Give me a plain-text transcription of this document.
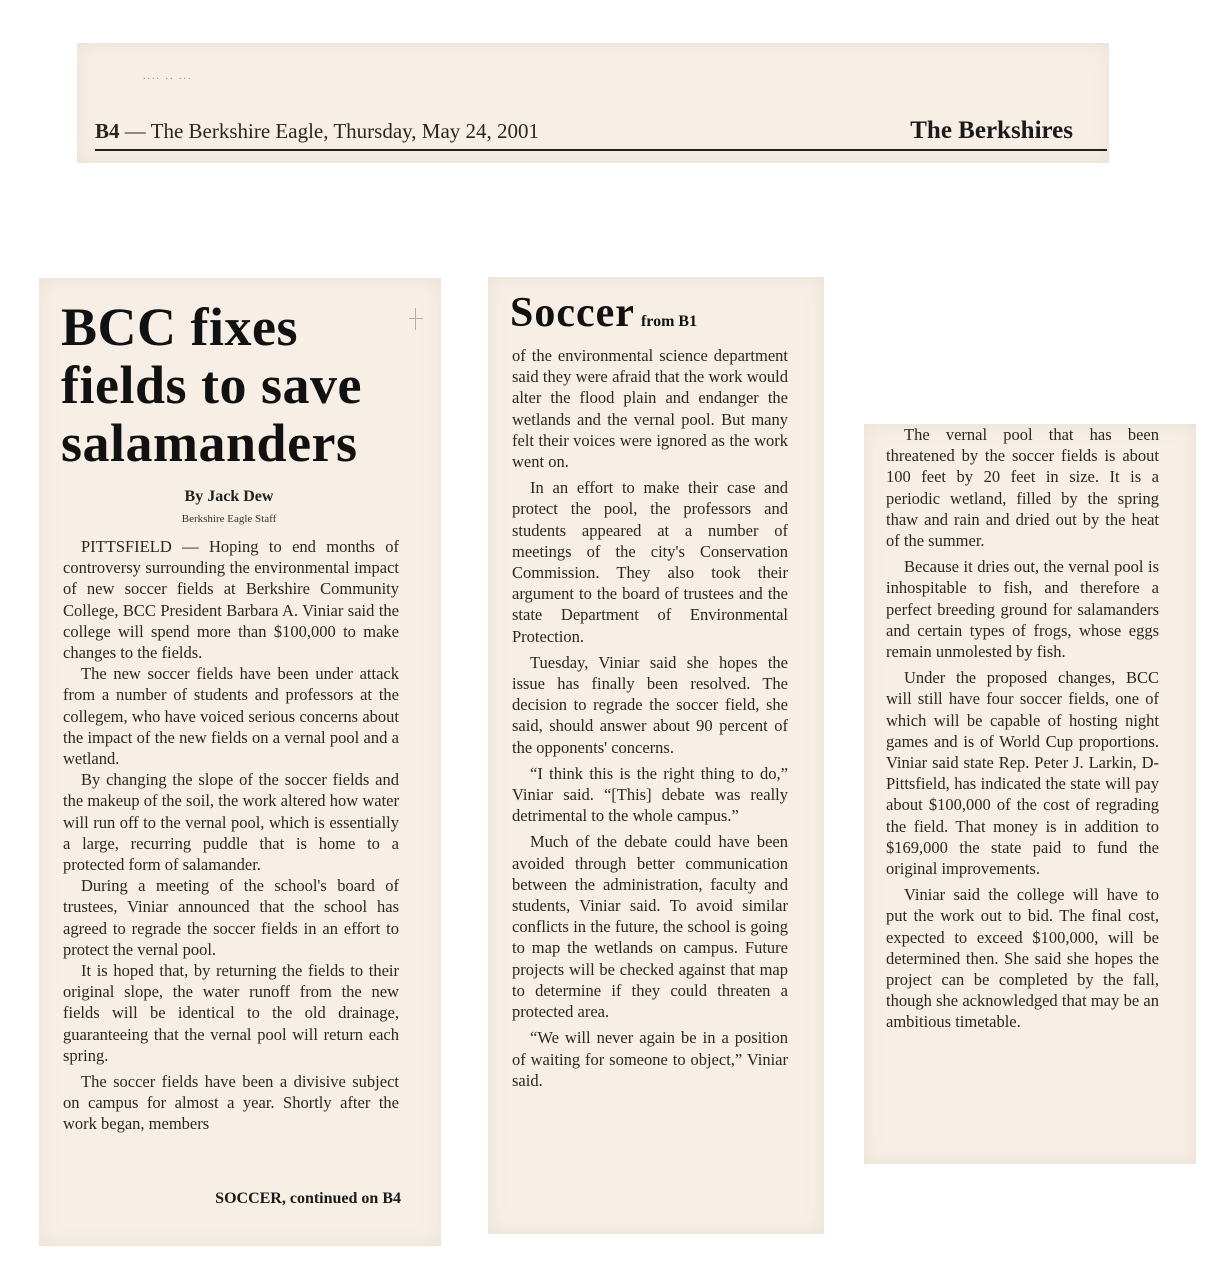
.... .. ...
B4 — The Berkshire Eagle, Thursday, May 24, 2001	The Berkshires
BCC fixes fields to save salamanders
By Jack Dew
Berkshire Eagle Staff

PITTSFIELD — Hoping to end months of controversy surrounding the environmental impact of new soccer fields at Berkshire Community College, BCC President Barbara A. Viniar said the college will spend more than $100,000 to make changes to the fields.

The new soccer fields have been under attack from a number of students and professors at the collegem, who have voiced serious concerns about the impact of the new fields on a vernal pool and a wetland.

By changing the slope of the soccer fields and the makeup of the soil, the work altered how water will run off to the vernal pool, which is essentially a large, recurring puddle that is home to a protected form of salamander.

During a meeting of the school's board of trustees, Viniar announced that the school has agreed to regrade the soccer fields in an effort to protect the vernal pool.

It is hoped that, by returning the fields to their original slope, the water runoff from the new fields will be identical to the old drainage, guaranteeing that the vernal pool will return each spring.

The soccer fields have been a divisive subject on campus for almost a year. Shortly after the work began, members

SOCCER, continued on B4
Soccer from B1

of the environmental science department said they were afraid that the work would alter the flood plain and endanger the wetlands and the vernal pool. But many felt their voices were ignored as the work went on.

In an effort to make their case and protect the pool, the professors and students appeared at a number of meetings of the city's Conservation Commission. They also took their argument to the board of trustees and the state Department of Environmental Protection.

Tuesday, Viniar said she hopes the issue has finally been resolved. The decision to regrade the soccer field, she said, should answer about 90 percent of the opponents' concerns.

“I think this is the right thing to do,” Viniar said. “[This] debate was really detrimental to the whole campus.”

Much of the debate could have been avoided through better communication between the administration, faculty and students, Viniar said. To avoid similar conflicts in the future, the school is going to map the wetlands on campus. Future projects will be checked against that map to determine if they could threaten a protected area.

“We will never again be in a position of waiting for someone to object,” Viniar said.

The vernal pool that has been threatened by the soccer fields is about 100 feet by 20 feet in size. It is a periodic wetland, filled by the spring thaw and rain and dried out by the heat of the summer.

Because it dries out, the vernal pool is inhospitable to fish, and therefore a perfect breeding ground for salamanders and certain types of frogs, whose eggs remain unmolested by fish.

Under the proposed changes, BCC will still have four soccer fields, one of which will be capable of hosting night games and is of World Cup proportions. Viniar said state Rep. Peter J. Larkin, D-Pittsfield, has indicated the state will pay about $100,000 of the cost of regrading the field. That money is in addition to $169,000 the state paid to fund the original improvements.

Viniar said the college will have to put the work out to bid. The final cost, expected to exceed $100,000, will be determined then. She said she hopes the project can be completed by the fall, though she acknowledged that may be an ambitious timetable.
